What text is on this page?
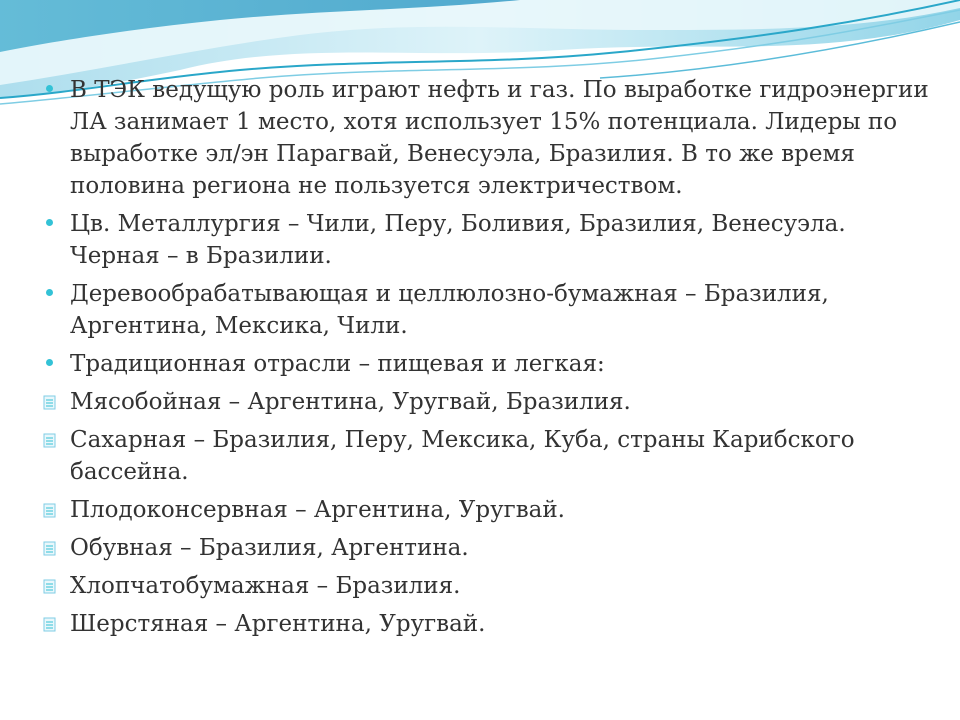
В ТЭК ведущую роль играют нефть и газ. По выработке гидроэнергии ЛА занимает 1 место, хотя использует 15% потенциала. Лидеры по выработке эл/эн Парагвай, Венесуэла, Бразилия. В то же время половина региона не пользуется электричеством.
Цв. Металлургия – Чили, Перу, Боливия, Бразилия, Венесуэла. Черная – в Бразилии.
Деревообрабатывающая и целлюлозно-бумажная – Бразилия, Аргентина, Мексика, Чили.
Традиционная отрасли – пищевая и легкая:
Мясобойная – Аргентина, Уругвай, Бразилия.
Сахарная – Бразилия, Перу, Мексика, Куба, страны Карибского бассейна.
Плодоконсервная – Аргентина, Уругвай.
Обувная – Бразилия, Аргентина.
Хлопчатобумажная – Бразилия.
Шерстяная – Аргентина, Уругвай.
